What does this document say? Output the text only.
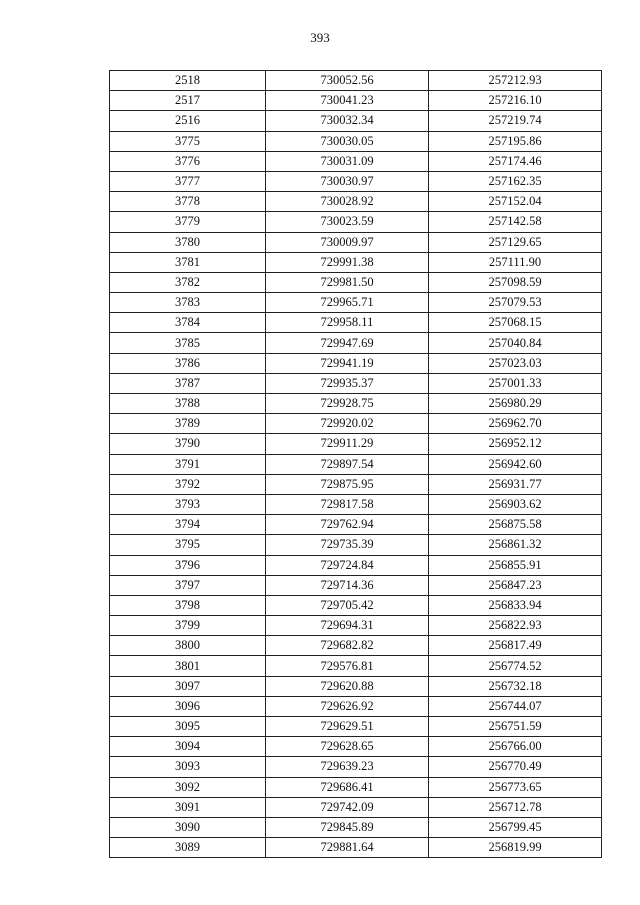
393
2518	730052.56	257212.93
2517	730041.23	257216.10
2516	730032.34	257219.74
3775	730030.05	257195.86
3776	730031.09	257174.46
3777	730030.97	257162.35
3778	730028.92	257152.04
3779	730023.59	257142.58
3780	730009.97	257129.65
3781	729991.38	257111.90
3782	729981.50	257098.59
3783	729965.71	257079.53
3784	729958.11	257068.15
3785	729947.69	257040.84
3786	729941.19	257023.03
3787	729935.37	257001.33
3788	729928.75	256980.29
3789	729920.02	256962.70
3790	729911.29	256952.12
3791	729897.54	256942.60
3792	729875.95	256931.77
3793	729817.58	256903.62
3794	729762.94	256875.58
3795	729735.39	256861.32
3796	729724.84	256855.91
3797	729714.36	256847.23
3798	729705.42	256833.94
3799	729694.31	256822.93
3800	729682.82	256817.49
3801	729576.81	256774.52
3097	729620.88	256732.18
3096	729626.92	256744.07
3095	729629.51	256751.59
3094	729628.65	256766.00
3093	729639.23	256770.49
3092	729686.41	256773.65
3091	729742.09	256712.78
3090	729845.89	256799.45
3089	729881.64	256819.99
